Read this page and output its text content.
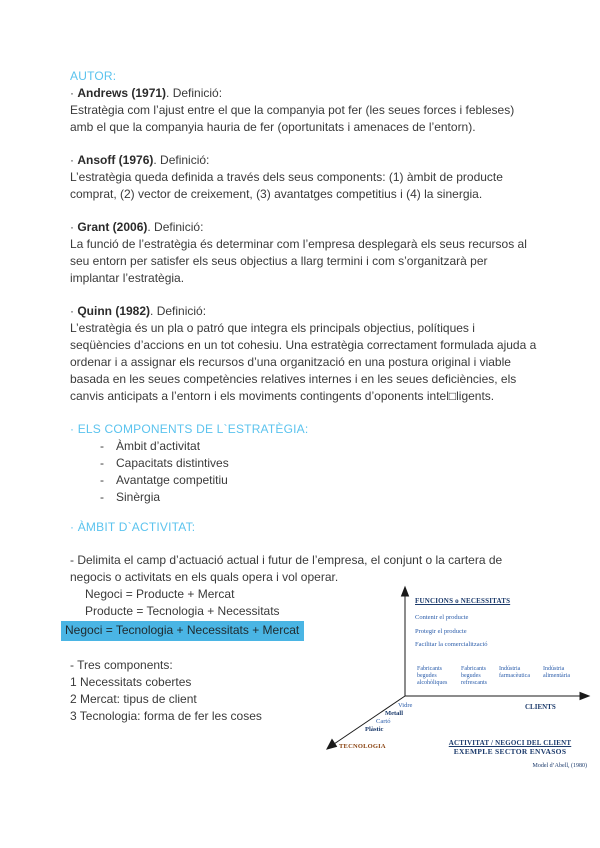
AUTOR:

· Andrews (1971). Definició:

Estratègia com l’ajust entre el que la companyia pot fer (les seues forces i febleses) amb el que la companyia hauria de fer (oportunitats i amenaces de l’entorn).

· Ansoff (1976). Definició:

L’estratègia queda definida a través dels seus components: (1) àmbit de producte comprat, (2) vector de creixement, (3) avantatges competitius i (4) la sinergia.

· Grant (2006). Definició:

La funció de l’estratègia és determinar com l’empresa desplegarà els seus recursos al seu entorn per satisfer els seus objectius a llarg termini i com s’organitzarà per implantar l’estratègia.

· Quinn (1982). Definició:

L’estratègia és un pla o patró que integra els principals objectius, polítiques i seqüències d’accions en un tot cohesiu. Una estratègia correctament formulada ajuda a ordenar i a assignar els recursos d’una organització en una postura original i viable basada en les seues competències relatives internes i en les seues deficiències, els canvis anticipats a l’entorn i els moviments contingents d’oponents intel□ligents.

· ELS COMPONENTS DE L`ESTRATÈGIA:
- Àmbit d’activitat
- Capacitats distintives
- Avantatge competitiu
- Sinèrgia
· ÀMBIT D`ACTIVITAT:

- Delimita el camp d’actuació actual i futur de l’empresa, el conjunt o la cartera de negocis o activitats en els quals opera i vol operar.

Negoci = Producte + Mercat

Producte = Tecnologia + Necessitats

Negoci = Tecnologia + Necessitats + Mercat

- Tres components:

1 Necessitats cobertes

2 Mercat: tipus de client

3 Tecnologia: forma de fer les coses

FUNCIONS o NECESSITATS
Contenir el producte
Protegir el producte
Facilitar la comercialització
Fabricants begudes alcohòliques
Fabricants begudes refrescants
Indústria farmacèutica
Indústria alimentària
CLIENTS
Vidre
Metall
Cartó
Plàstic
TECNOLOGIA	ACTIVITAT / NEGOCI DEL CLIENT
EXEMPLE SECTOR ENVASOS
Model d’Abell, (1980)
